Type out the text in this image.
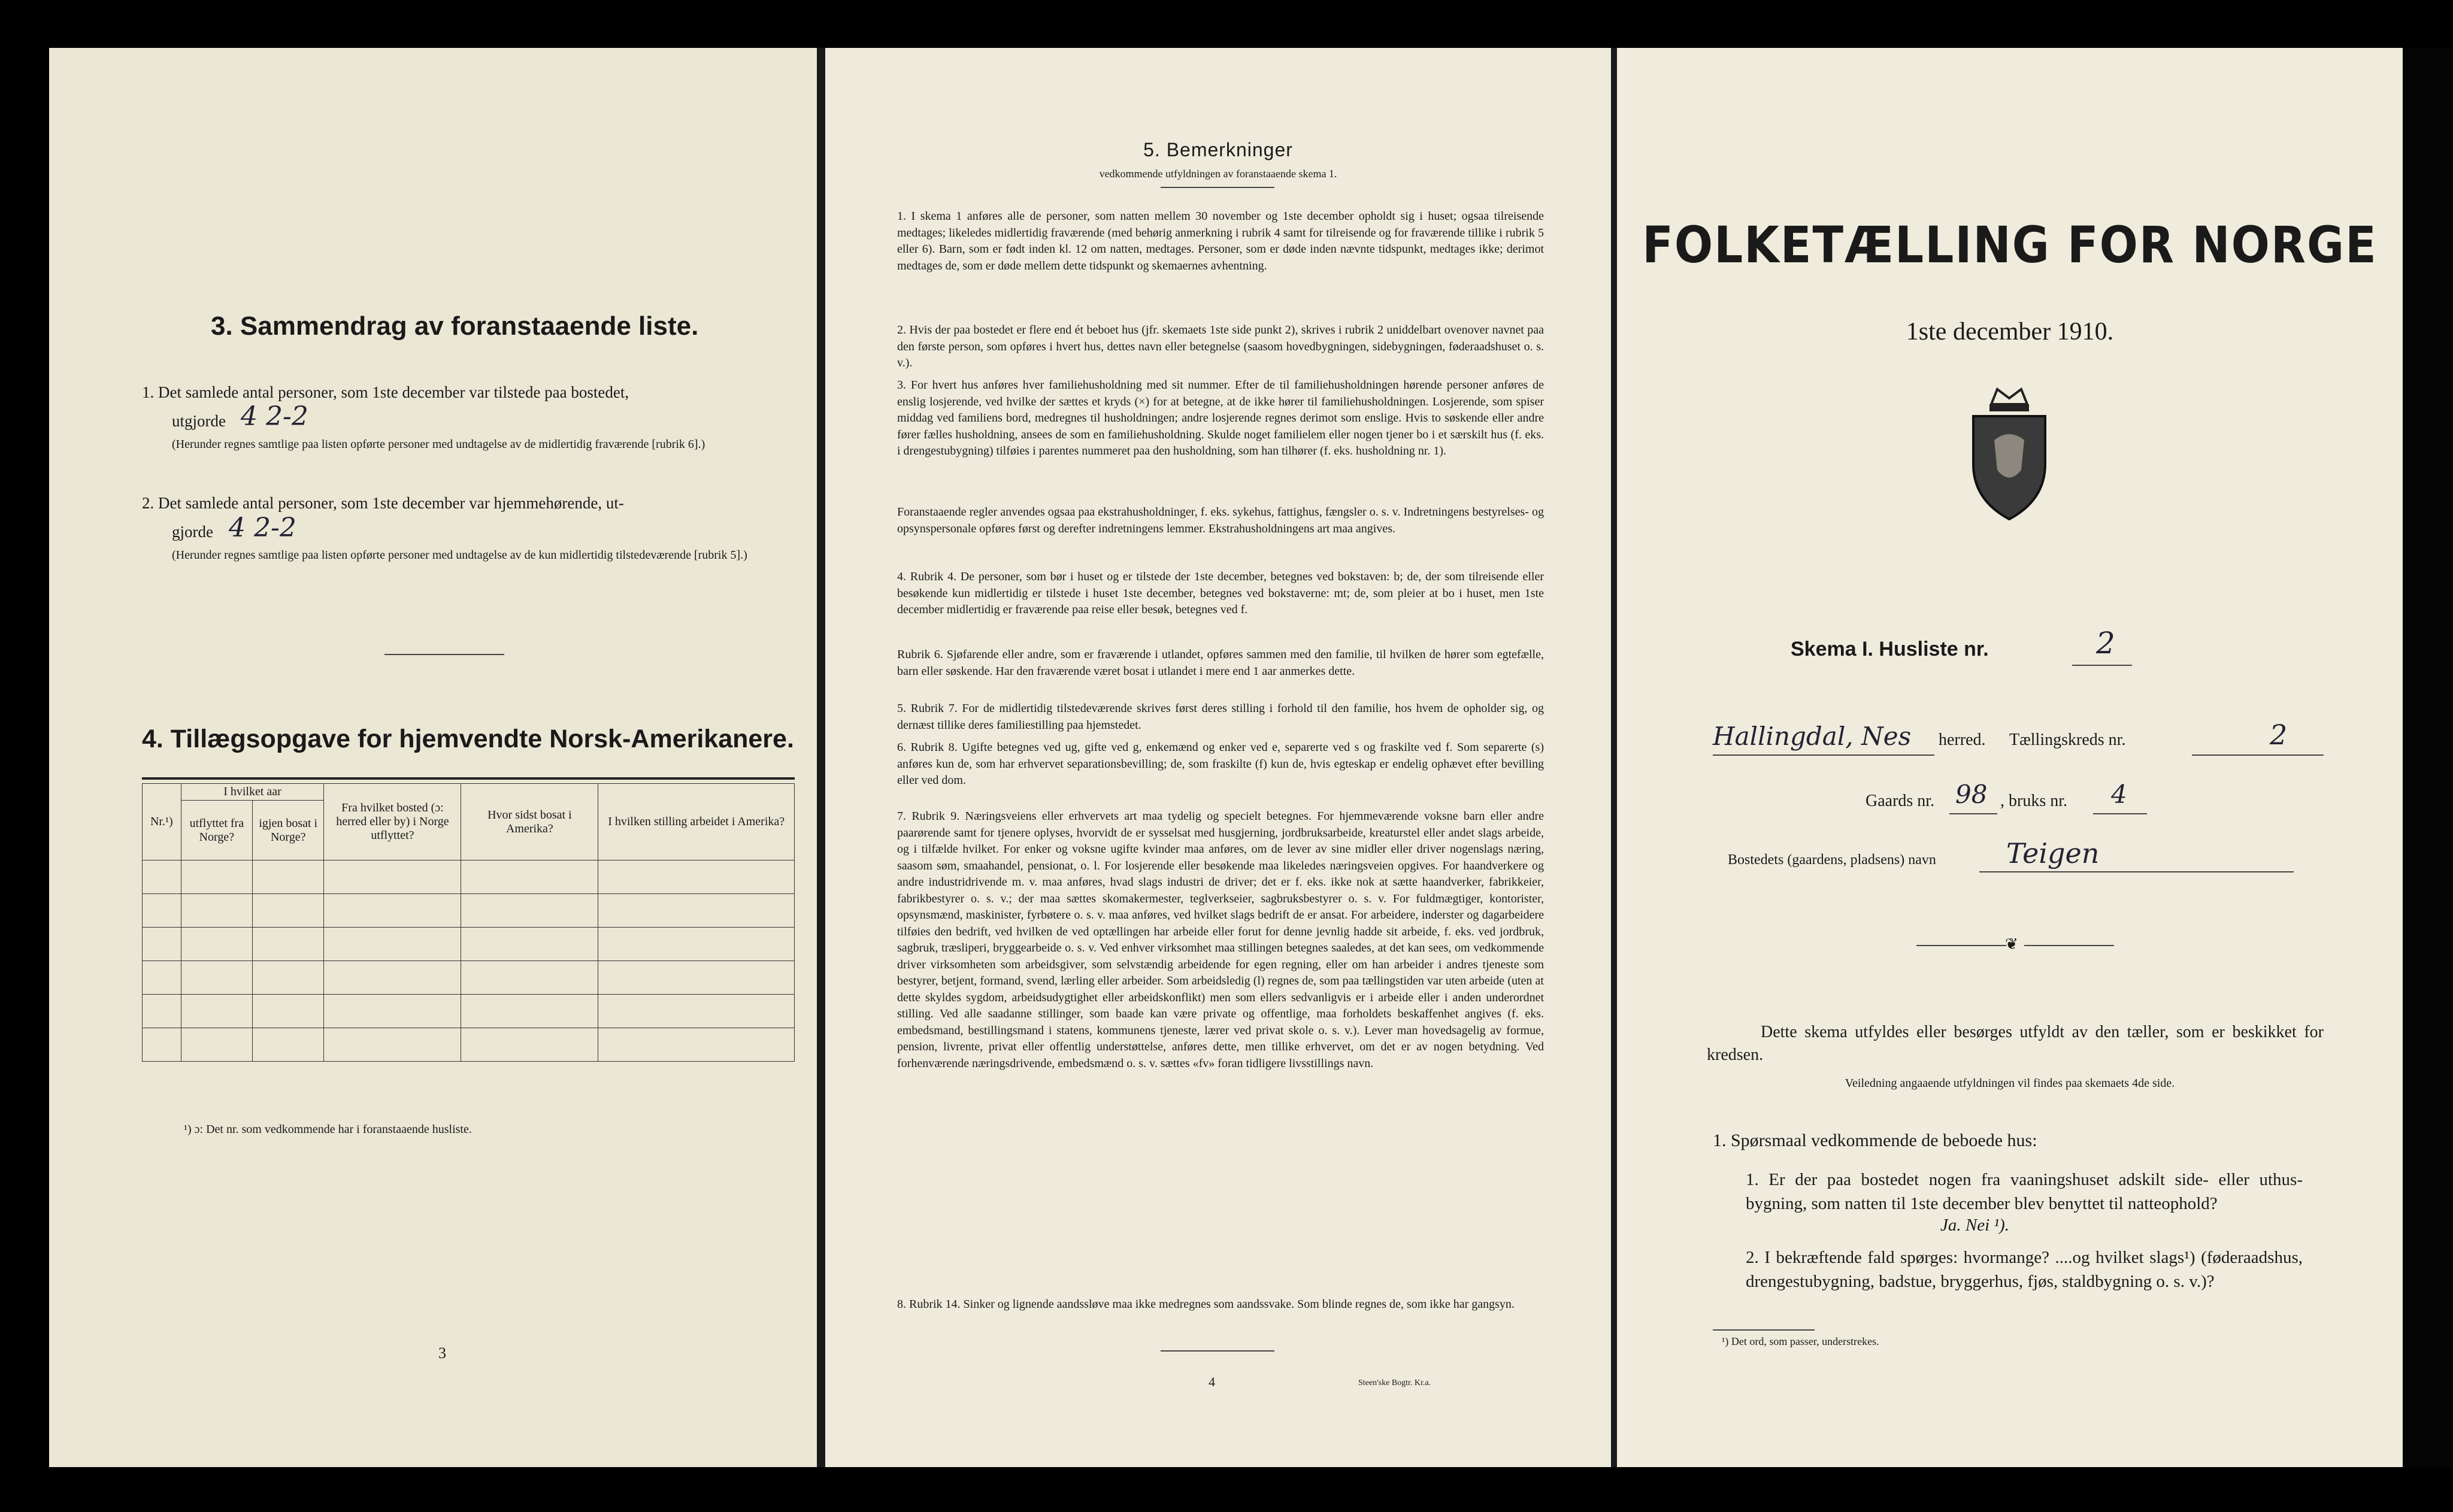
3. Sammendrag av foranstaaende liste.
1. Det samlede antal personer, som 1ste december var tilstede paa bostedet,
utgjorde 4 2-2
(Herunder regnes samtlige paa listen opførte personer med undtagelse av de midlertidig fraværende [rubrik 6].)
2. Det samlede antal personer, som 1ste december var hjemmehørende, ut-
gjorde 4 2-2
(Herunder regnes samtlige paa listen opførte personer med undtagelse av de kun midlertidig tilstedeværende [rubrik 5].)
4. Tillægsopgave for hjemvendte Norsk-Amerikanere.
Nr.¹)	I hvilket aar		Fra hvilket bosted (ɔ: herred eller by) i Norge utflyttet?	Hvor sidst bosat i Amerika?	I hvilken stilling arbeidet i Amerika?
	utflyttet fra Norge?	igjen bosat i Norge?			

¹) ɔ: Det nr. som vedkommende har i foranstaaende husliste.
3
5. Bemerkninger
vedkommende utfyldningen av foranstaaende skema 1.
1. I skema 1 anføres alle de personer, som natten mellem 30 november og 1ste december opholdt sig i huset; ogsaa tilreisende medtages; likeledes midlertidig fraværende (med behørig anmerkning i rubrik 4 samt for tilreisende og for fraværende tillike i rubrik 5 eller 6). Barn, som er født inden kl. 12 om natten, medtages. Personer, som er døde inden nævnte tidspunkt, medtages ikke; derimot medtages de, som er døde mellem dette tidspunkt og skemaernes avhentning.
2. Hvis der paa bostedet er flere end ét beboet hus (jfr. skemaets 1ste side punkt 2), skrives i rubrik 2 uniddelbart ovenover navnet paa den første person, som opføres i hvert hus, dettes navn eller betegnelse (saasom hovedbygningen, sidebygningen, føderaadshuset o. s. v.).
3. For hvert hus anføres hver familiehusholdning med sit nummer. Efter de til familiehusholdningen hørende personer anføres de enslig losjerende, ved hvilke der sættes et kryds (×) for at betegne, at de ikke hører til familiehusholdningen. Losjerende, som spiser middag ved familiens bord, medregnes til husholdningen; andre losjerende regnes derimot som enslige. Hvis to søskende eller andre fører fælles husholdning, ansees de som en familiehusholdning. Skulde noget familielem eller nogen tjener bo i et særskilt hus (f. eks. i drengestubygning) tilføies i parentes nummeret paa den husholdning, som han tilhører (f. eks. husholdning nr. 1).
Foranstaaende regler anvendes ogsaa paa ekstrahusholdninger, f. eks. sykehus, fattighus, fængsler o. s. v. Indretningens bestyrelses- og opsynspersonale opføres først og derefter indretningens lemmer. Ekstrahusholdningens art maa angives.
4. Rubrik 4. De personer, som bør i huset og er tilstede der 1ste december, betegnes ved bokstaven: b; de, der som tilreisende eller besøkende kun midlertidig er tilstede i huset 1ste december, betegnes ved bokstaverne: mt; de, som pleier at bo i huset, men 1ste december midlertidig er fraværende paa reise eller besøk, betegnes ved f.
Rubrik 6. Sjøfarende eller andre, som er fraværende i utlandet, opføres sammen med den familie, til hvilken de hører som egtefælle, barn eller søskende. Har den fraværende været bosat i utlandet i mere end 1 aar anmerkes dette.
5. Rubrik 7. For de midlertidig tilstedeværende skrives først deres stilling i forhold til den familie, hos hvem de opholder sig, og dernæst tillike deres familiestilling paa hjemstedet.
6. Rubrik 8. Ugifte betegnes ved ug, gifte ved g, enkemænd og enker ved e, separerte ved s og fraskilte ved f. Som separerte (s) anføres kun de, som har erhvervet separationsbevilling; de, som fraskilte (f) kun de, hvis egteskap er endelig ophævet efter bevilling eller ved dom.
7. Rubrik 9. Næringsveiens eller erhvervets art maa tydelig og specielt betegnes. For hjemmeværende voksne barn eller andre paarørende samt for tjenere oplyses, hvorvidt de er sysselsat med husgjerning, jordbruksarbeide, kreaturstel eller andet slags arbeide, og i tilfælde hvilket. For enker og voksne ugifte kvinder maa anføres, om de lever av sine midler eller driver nogenslags næring, saasom søm, smaahandel, pensionat, o. l. For losjerende eller besøkende maa likeledes næringsveien opgives. For haandverkere og andre industridrivende m. v. maa anføres, hvad slags industri de driver; det er f. eks. ikke nok at sætte haandverker, fabrikkeier, fabrikbestyrer o. s. v.; der maa sættes skomakermester, teglverkseier, sagbruksbestyrer o. s. v. For fuldmægtiger, kontorister, opsynsmænd, maskinister, fyrbøtere o. s. v. maa anføres, ved hvilket slags bedrift de er ansat. For arbeidere, inderster og dagarbeidere tilføies den bedrift, ved hvilken de ved optællingen har arbeide eller forut for denne jevnlig hadde sit arbeide, f. eks. ved jordbruk, sagbruk, træsliperi, bryggearbeide o. s. v. Ved enhver virksomhet maa stillingen betegnes saaledes, at det kan sees, om vedkommende driver virksomheten som arbeidsgiver, som selvstændig arbeidende for egen regning, eller om han arbeider i andres tjeneste som bestyrer, betjent, formand, svend, lærling eller arbeider. Som arbeidsledig (l) regnes de, som paa tællingstiden var uten arbeide (uten at dette skyldes sygdom, arbeidsudygtighet eller arbeidskonflikt) men som ellers sedvanligvis er i arbeide eller i anden underordnet stilling. Ved alle saadanne stillinger, som baade kan være private og offentlige, maa forholdets beskaffenhet angives (f. eks. embedsmand, bestillingsmand i statens, kommunens tjeneste, lærer ved privat skole o. s. v.). Lever man hovedsagelig av formue, pension, livrente, privat eller offentlig understøttelse, anføres dette, men tillike erhvervet, om det er av nogen betydning. Ved forhenværende næringsdrivende, embedsmænd o. s. v. sættes «fv» foran tidligere livsstillings navn.
8. Rubrik 14. Sinker og lignende aandssløve maa ikke medregnes som aandssvake. Som blinde regnes de, som ikke har gangsyn.
4	Steen'ske Bogtr. Kr.a.
FOLKETÆLLING FOR NORGE
1ste december 1910.
Skema I. Husliste nr.	2
Hallingdal, Nes herred. Tællingskreds nr.	2
Gaards nr. 98 , bruks nr. 4
Bostedets (gaardens, pladsens) navn	Teigen
❦
Dette skema utfyldes eller besørges utfyldt av den tæller, som er beskikket for kredsen.
Veiledning angaaende utfyldningen vil findes paa skemaets 4de side.
1. Spørsmaal vedkommende de beboede hus:
1. Er der paa bostedet nogen fra vaaningshuset adskilt side- eller uthus-bygning, som natten til 1ste december blev benyttet til natteophold?
Ja. Nei ¹).
2. I bekræftende fald spørges: hvormange? ....og hvilket slags¹) (føderaadshus, drengestubygning, badstue, bryggerhus, fjøs, staldbygning o. s. v.)?
¹) Det ord, som passer, understrekes.
